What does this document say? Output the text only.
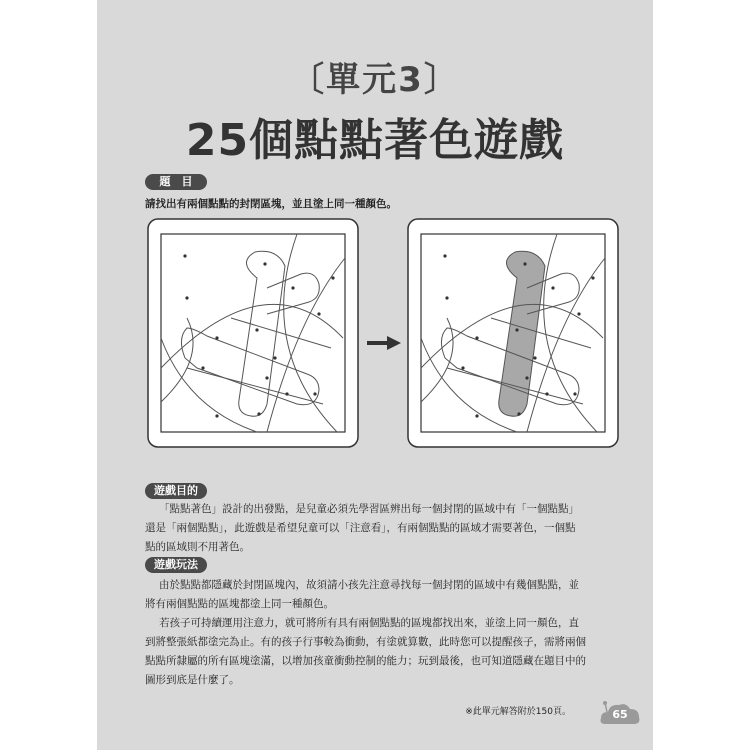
〔單元3〕
25個點點著色遊戲
題　目
請找出有兩個點點的封閉區塊，並且塗上同一種顏色。
遊戲目的
「點點著色」設計的出發點，是兒童必須先學習區辨出每一個封閉的區域中有「一個點點」
還是「兩個點點」，此遊戲是希望兒童可以「注意看」，有兩個點點的區域才需要著色，一個點
點的區域則不用著色。
遊戲玩法
由於點點都隱藏於封閉區塊內，故須請小孩先注意尋找每一個封閉的區域中有幾個點點，並
將有兩個點點的區塊都塗上同一種顏色。
若孩子可持續運用注意力，就可將所有具有兩個點點的區塊都找出來，並塗上同一顏色，直
到將整張紙都塗完為止。有的孩子行事較為衝動，有塗就算數，此時您可以提醒孩子，需將兩個
點點所隸屬的所有區塊塗滿，以增加孩童衝動控制的能力；玩到最後，也可知道隱藏在題目中的
圖形到底是什麼了。
※此單元解答附於150頁。	65
